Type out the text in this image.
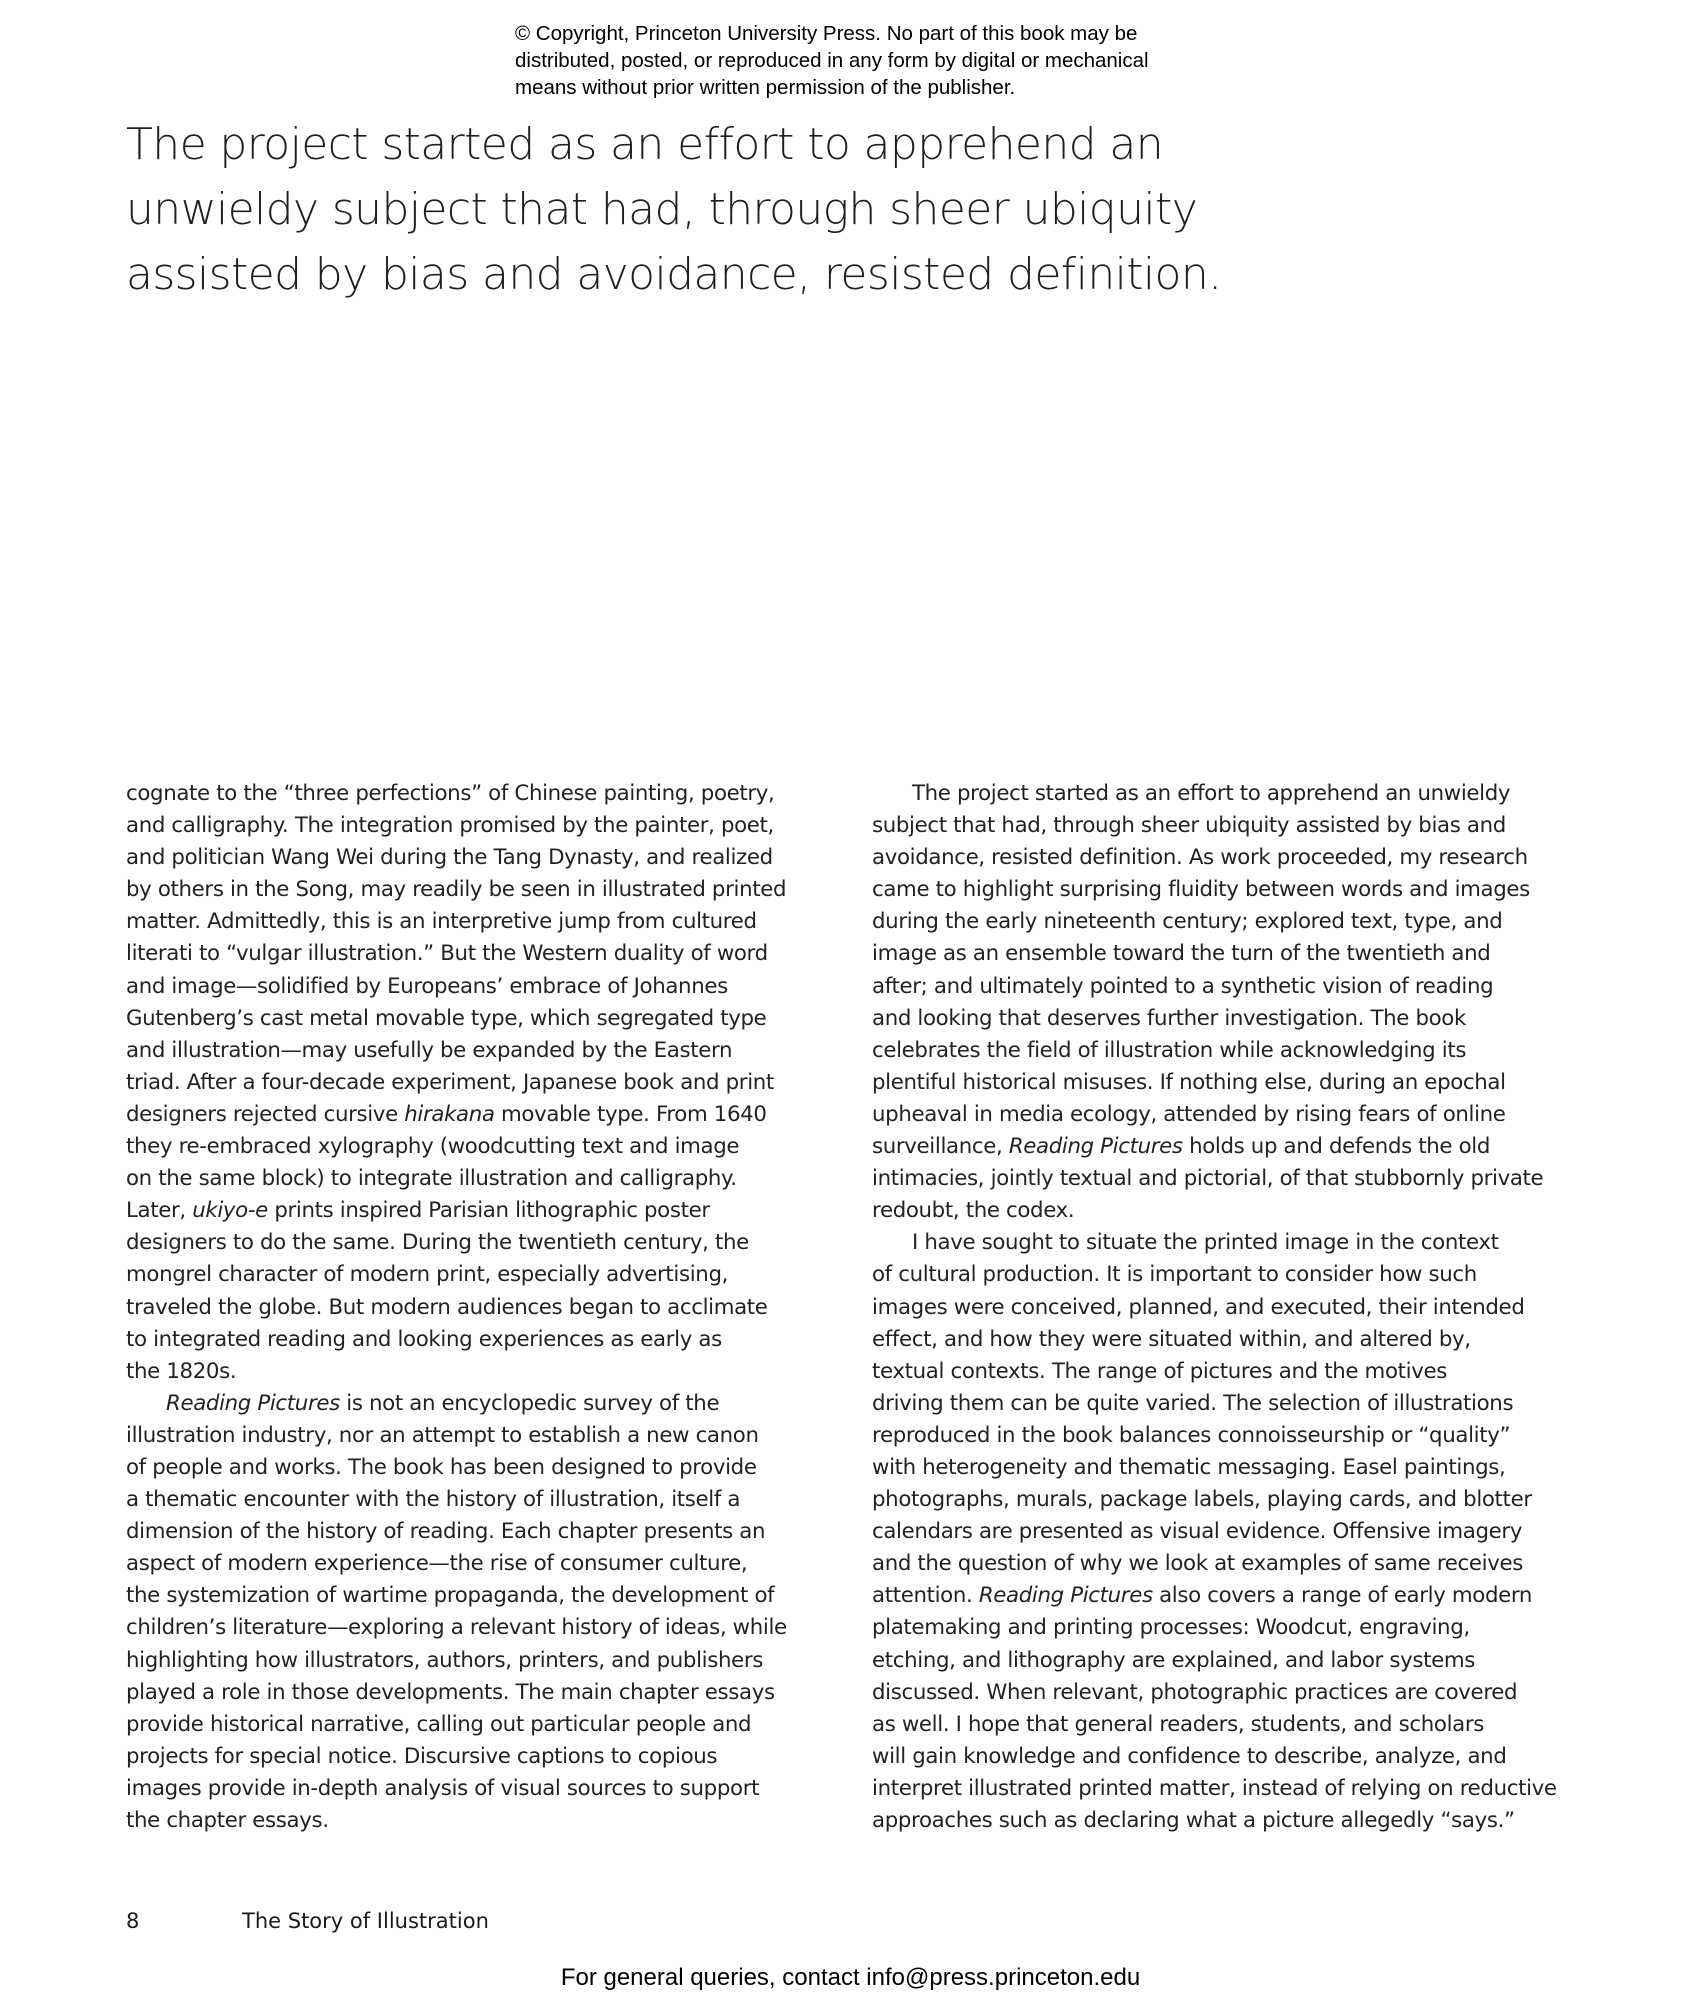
© Copyright, Princeton University Press. No part of this book may be
distributed, posted, or reproduced in any form by digital or mechanical
means without prior written permission of the publisher.
The project started as an effort to apprehend an
unwieldy subject that had, through sheer ubiquity
assisted by bias and avoidance, resisted definition.
cognate to the “three perfections” of Chinese painting, poetry,
and calligraphy. The integration promised by the painter, poet,
and politician Wang Wei during the Tang Dynasty, and realized
by others in the Song, may readily be seen in illustrated printed
matter. Admittedly, this is an interpretive jump from cultured
literati to “vulgar illustration.” But the Western duality of word
and image—solidified by Europeans’ embrace of Johannes
Gutenberg’s cast metal movable type, which segregated type
and illustration—may usefully be expanded by the Eastern
triad. After a four-decade experiment, Japanese book and print
designers rejected cursive hirakana movable type. From 1640
they re-embraced xylography (woodcutting text and image
on the same block) to integrate illustration and calligraphy.
Later, ukiyo-e prints inspired Parisian lithographic poster
designers to do the same. During the twentieth century, the
mongrel character of modern print, especially advertising,
traveled the globe. But modern audiences began to acclimate
to integrated reading and looking experiences as early as
the 1820s.
Reading Pictures is not an encyclopedic survey of the
illustration industry, nor an attempt to establish a new canon
of people and works. The book has been designed to provide
a thematic encounter with the history of illustration, itself a
dimension of the history of reading. Each chapter presents an
aspect of modern experience—the rise of consumer culture,
the systemization of wartime propaganda, the development of
children’s literature—exploring a relevant history of ideas, while
highlighting how illustrators, authors, printers, and publishers
played a role in those developments. The main chapter essays
provide historical narrative, calling out particular people and
projects for special notice. Discursive captions to copious
images provide in-depth analysis of visual sources to support
the chapter essays.
The project started as an effort to apprehend an unwieldy
subject that had, through sheer ubiquity assisted by bias and
avoidance, resisted definition. As work proceeded, my research
came to highlight surprising fluidity between words and images
during the early nineteenth century; explored text, type, and
image as an ensemble toward the turn of the twentieth and
after; and ultimately pointed to a synthetic vision of reading
and looking that deserves further investigation. The book
celebrates the field of illustration while acknowledging its
plentiful historical misuses. If nothing else, during an epochal
upheaval in media ecology, attended by rising fears of online
surveillance, Reading Pictures holds up and defends the old
intimacies, jointly textual and pictorial, of that stubbornly private
redoubt, the codex.
I have sought to situate the printed image in the context
of cultural production. It is important to consider how such
images were conceived, planned, and executed, their intended
effect, and how they were situated within, and altered by,
textual contexts. The range of pictures and the motives
driving them can be quite varied. The selection of illustrations
reproduced in the book balances connoisseurship or “quality”
with heterogeneity and thematic messaging. Easel paintings,
photographs, murals, package labels, playing cards, and blotter
calendars are presented as visual evidence. Offensive imagery
and the question of why we look at examples of same receives
attention. Reading Pictures also covers a range of early modern
platemaking and printing processes: Woodcut, engraving,
etching, and lithography are explained, and labor systems
discussed. When relevant, photographic practices are covered
as well. I hope that general readers, students, and scholars
will gain knowledge and confidence to describe, analyze, and
interpret illustrated printed matter, instead of relying on reductive
approaches such as declaring what a picture allegedly “says.”
8	The Story of Illustration
For general queries, contact info@press.princeton.edu
